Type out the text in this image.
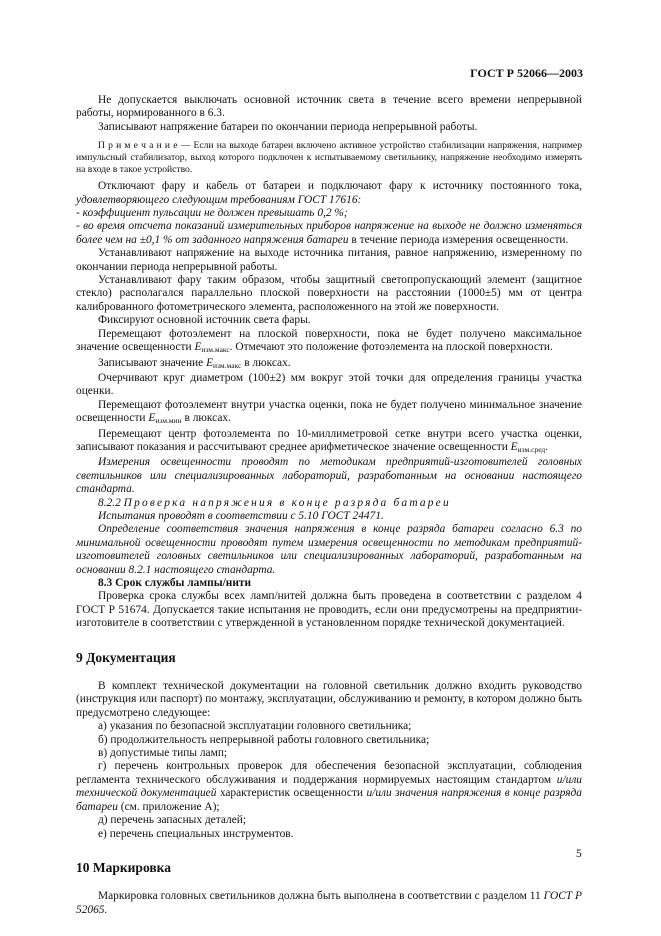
ГОСТ Р 52066—2003

Не допускается выключать основной источник света в течение всего времени непрерывной работы, нормированного в 6.3.

Записывают напряжение батареи по окончании периода непрерывной работы.

П р и м е ч а н и е — Если на выходе батареи включено активное устройство стабилизации напряжения, например импульсный стабилизатор, выход которого подключен к испытываемому светильнику, напряжение необходимо измерять на входе в такое устройство.

Отключают фару и кабель от батареи и подключают фару к источнику постоянного тока, удовлетворяющего следующим требованиям ГОСТ 17616:

- коэффициент пульсации не должен превышать 0,2 %;

- во время отсчета показаний измерительных приборов напряжение на выходе не должно изменяться более чем на ±0,1 % от заданного напряжения батареи в течение периода измерения освещенности.

Устанавливают напряжение на выходе источника питания, равное напряжению, измеренному по окончании периода непрерывной работы.

Устанавливают фару таким образом, чтобы защитный светопропускающий элемент (защитное стекло) располагался параллельно плоской поверхности на расстоянии (1000±5) мм от центра калиброванного фотометрического элемента, расположенного на этой же поверхности.

Фиксируют основной источник света фары.

Перемещают фотоэлемент на плоской поверхности, пока не будет получено максимальное значение освещенности $E_{изм.макс}$. Отмечают это положение фотоэлемента на плоской поверхности.

Записывают значение $E_{изм.макс}$ в люксах.

Очерчивают круг диаметром (100±2) мм вокруг этой точки для определения границы участка оценки.

Перемещают фотоэлемент внутри участка оценки, пока не будет получено минимальное значение освещенности $E_{изм.мин}$ в люксах.

Перемещают центр фотоэлемента по 10-миллиметровой сетке внутри всего участка оценки, записывают показания и рассчитывают среднее арифметическое значение освещенности $E_{изм.сред}$.

Измерения освещенности проводят по методикам предприятий-изготовителей головных светильников или специализированных лабораторий, разработанным на основании настоящего стандарта.

8.2.2 Проверка напряжения в конце разряда батареи

Испытания проводят в соответствии с 5.10 ГОСТ 24471.

Определение соответствия значения напряжения в конце разряда батареи согласно 6.3 по минимальной освещенности проводят путем измерения освещенности по методикам предприятий-изготовителей головных светильников или специализированных лабораторий, разработанным на основании 8.2.1 настоящего стандарта.

8.3 Срок службы лампы/нити

Проверка срока службы всех ламп/нитей должна быть проведена в соответствии с разделом 4 ГОСТ Р 51674. Допускается такие испытания не проводить, если они предусмотрены на предприятии-изготовителе в соответствии с утвержденной в установленном порядке технической документацией.

9 Документация

В комплект технической документации на головной светильник должно входить руководство (инструкция или паспорт) по монтажу, эксплуатации, обслуживанию и ремонту, в котором должно быть предусмотрено следующее:

а) указания по безопасной эксплуатации головного светильника;

б) продолжительность непрерывной работы головного светильника;

в) допустимые типы ламп;

г) перечень контрольных проверок для обеспечения безопасной эксплуатации, соблюдения регламента технического обслуживания и поддержания нормируемых настоящим стандартом и/или технической документацией характеристик освещенности и/или значения напряжения в конце разряда батареи (см. приложение А);

д) перечень запасных деталей;

е) перечень специальных инструментов.

10 Маркировка

Маркировка головных светильников должна быть выполнена в соответствии с разделом 11 ГОСТ Р 52065.

5
